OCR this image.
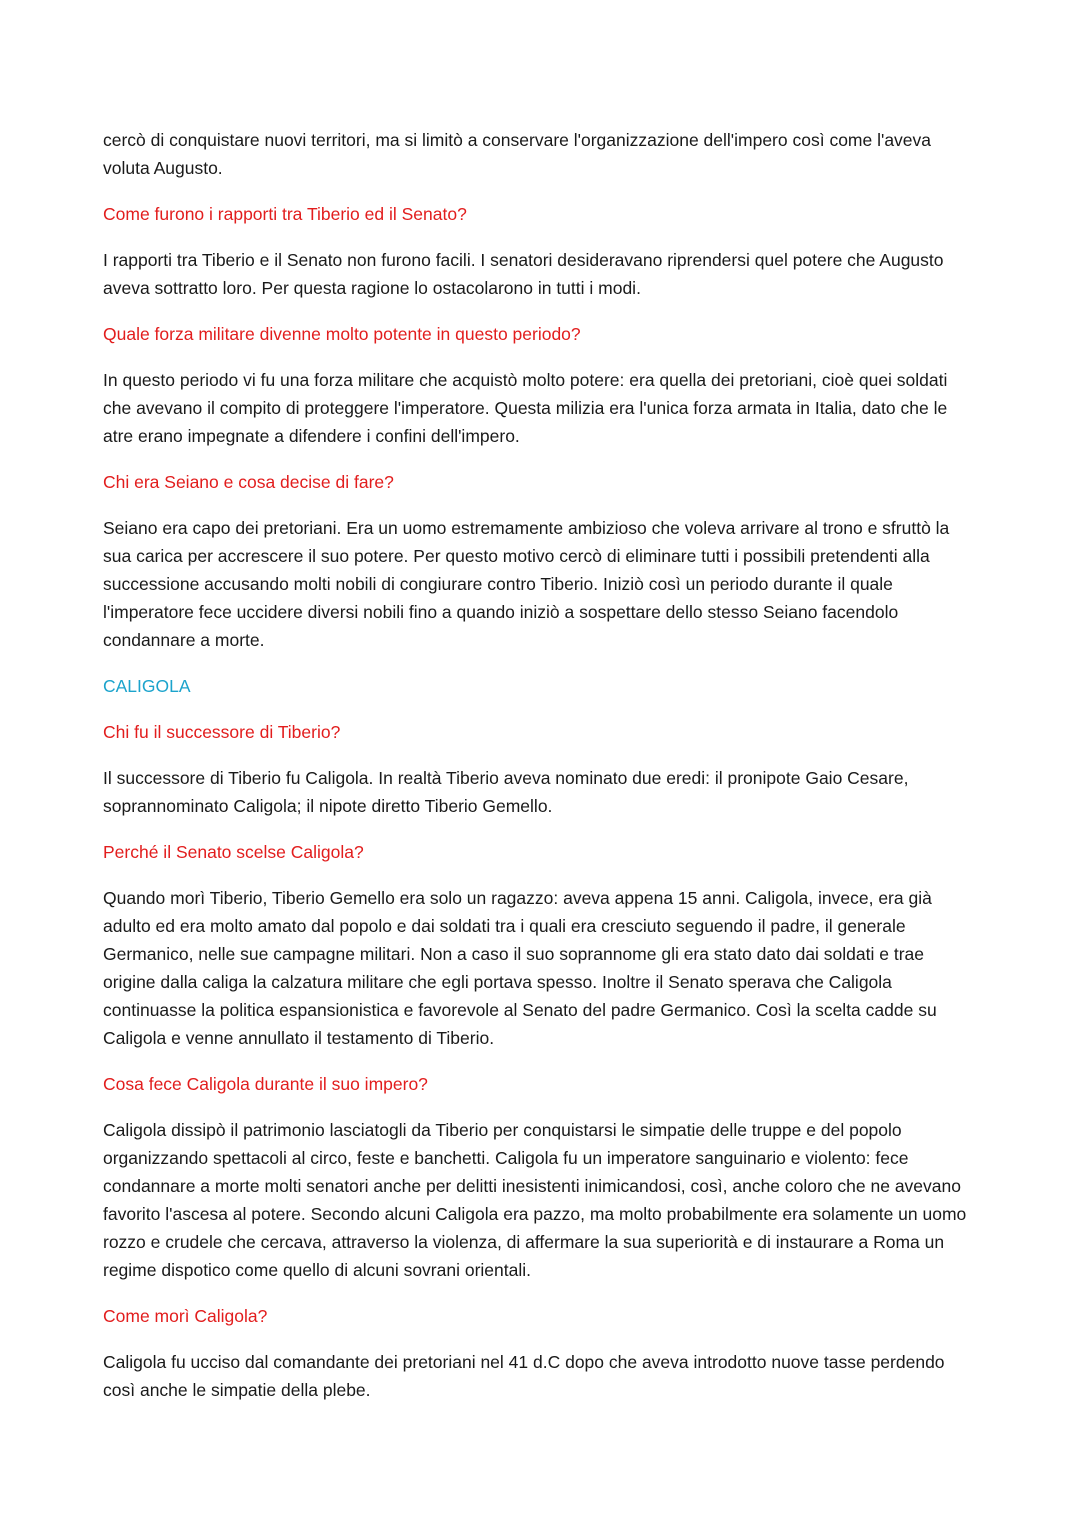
cercò di conquistare nuovi territori, ma si limitò a conservare l'organizzazione dell'impero così come l'aveva voluta Augusto.

Come furono i rapporti tra Tiberio ed il Senato?

I rapporti tra Tiberio e il Senato non furono facili. I senatori desideravano riprendersi quel potere che Augusto aveva sottratto loro. Per questa ragione lo ostacolarono in tutti i modi.

Quale forza militare divenne molto potente in questo periodo?

In questo periodo vi fu una forza militare che acquistò molto potere: era quella dei pretoriani, cioè quei soldati che avevano il compito di proteggere l'imperatore. Questa milizia era l'unica forza armata in Italia, dato che le atre erano impegnate a difendere i confini dell'impero.

Chi era Seiano e cosa decise di fare?

Seiano era capo dei pretoriani. Era un uomo estremamente ambizioso che voleva arrivare al trono e sfruttò la sua carica per accrescere il suo potere. Per questo motivo cercò di eliminare tutti i possibili pretendenti alla successione accusando molti nobili di congiurare contro Tiberio. Iniziò così un periodo durante il quale l'imperatore fece uccidere diversi nobili fino a quando iniziò a sospettare dello stesso Seiano facendolo condannare a morte.

CALIGOLA

Chi fu il successore di Tiberio?

Il successore di Tiberio fu Caligola. In realtà Tiberio aveva nominato due eredi: il pronipote Gaio Cesare, soprannominato Caligola; il nipote diretto Tiberio Gemello.

Perché il Senato scelse Caligola?

Quando morì Tiberio, Tiberio Gemello era solo un ragazzo: aveva appena 15 anni. Caligola, invece, era già adulto ed era molto amato dal popolo e dai soldati tra i quali era cresciuto seguendo il padre, il generale Germanico, nelle sue campagne militari. Non a caso il suo soprannome gli era stato dato dai soldati e trae origine dalla caliga la calzatura militare che egli portava spesso. Inoltre il Senato sperava che Caligola continuasse la politica espansionistica e favorevole al Senato del padre Germanico. Così la scelta cadde su Caligola e venne annullato il testamento di Tiberio.

Cosa fece Caligola durante il suo impero?

Caligola dissipò il patrimonio lasciatogli da Tiberio per conquistarsi le simpatie delle truppe e del popolo organizzando spettacoli al circo, feste e banchetti. Caligola fu un imperatore sanguinario e violento: fece condannare a morte molti senatori anche per delitti inesistenti inimicandosi, così, anche coloro che ne avevano favorito l'ascesa al potere. Secondo alcuni Caligola era pazzo, ma molto probabilmente era solamente un uomo rozzo e crudele che cercava, attraverso la violenza, di affermare la sua superiorità e di instaurare a Roma un regime dispotico come quello di alcuni sovrani orientali.

Come morì Caligola?

Caligola fu ucciso dal comandante dei pretoriani nel 41 d.C dopo che aveva introdotto nuove tasse perdendo così anche le simpatie della plebe.
